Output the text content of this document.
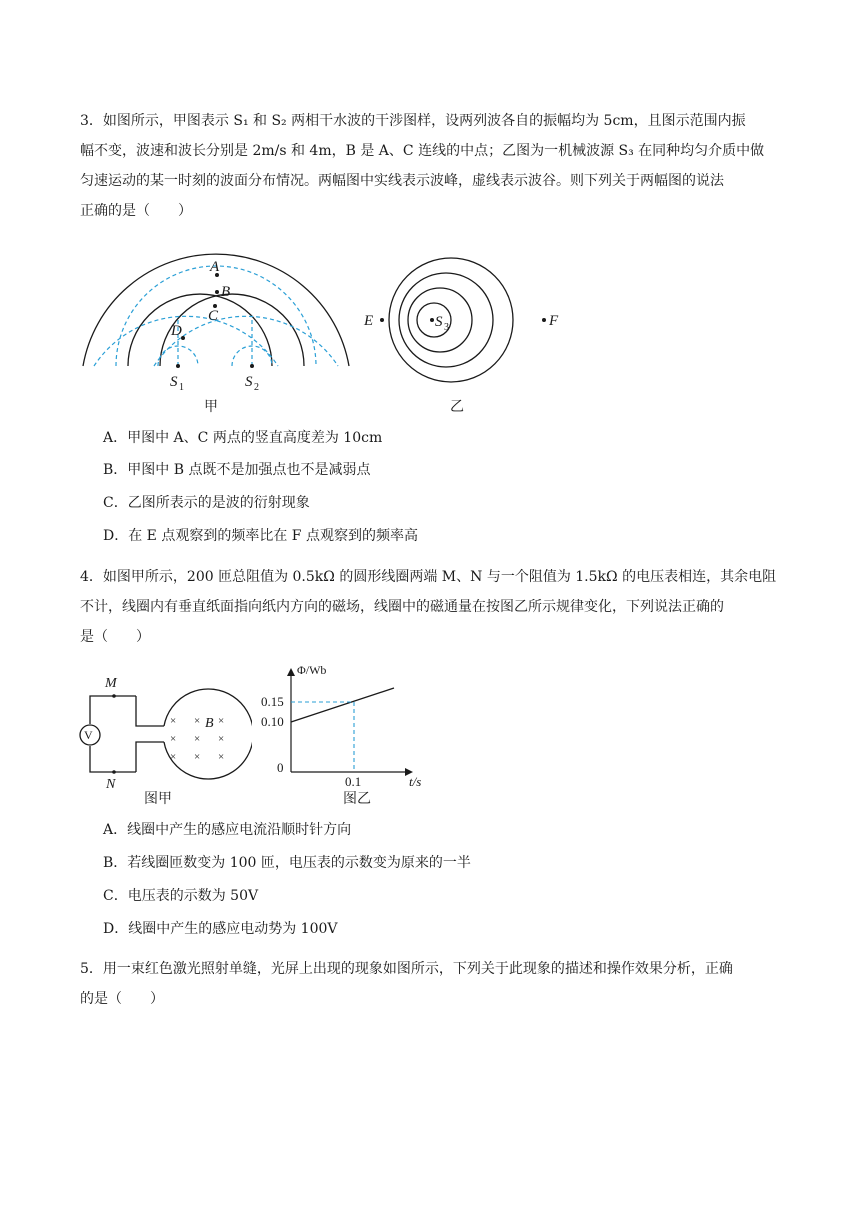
3．如图所示，甲图表示 S₁ 和 S₂ 两相干水波的干涉图样，设两列波各自的振幅均为 5cm，且图示范围内振

幅不变，波速和波长分别是 2m/s 和 4m，B 是 A、C 连线的中点；乙图为一机械波源 S₃ 在同种均匀介质中做

匀速运动的某一时刻的波面分布情况。两幅图中实线表示波峰，虚线表示波谷。则下列关于两幅图的说法

正确的是（　　）

A
B
C
D
S	S
1	2
甲
E	F
S 3
乙
A．甲图中 A、C 两点的竖直高度差为 10cm
B．甲图中 B 点既不是加强点也不是减弱点
C．乙图所表示的是波的衍射现象
D．在 E 点观察到的频率比在 F 点观察到的频率高

4．如图甲所示，200 匝总阻值为 0.5kΩ 的圆形线圈两端 M、N 与一个阻值为 1.5kΩ 的电压表相连，其余电阻

不计，线圈内有垂直纸面指向纸内方向的磁场，线圈中的磁通量在按图乙所示规律变化，下列说法正确的

是（　　）

V
M
N
× × ×
× × ×
× × ×
B
图甲
Φ/Wb
0.15
0.10
0
0.1	t/s
图乙
A．线圈中产生的感应电流沿顺时针方向
B．若线圈匝数变为 100 匝，电压表的示数变为原来的一半
C．电压表的示数为 50V
D．线圈中产生的感应电动势为 100V

5．用一束红色激光照射单缝，光屏上出现的现象如图所示，下列关于此现象的描述和操作效果分析，正确

的是（　　）
